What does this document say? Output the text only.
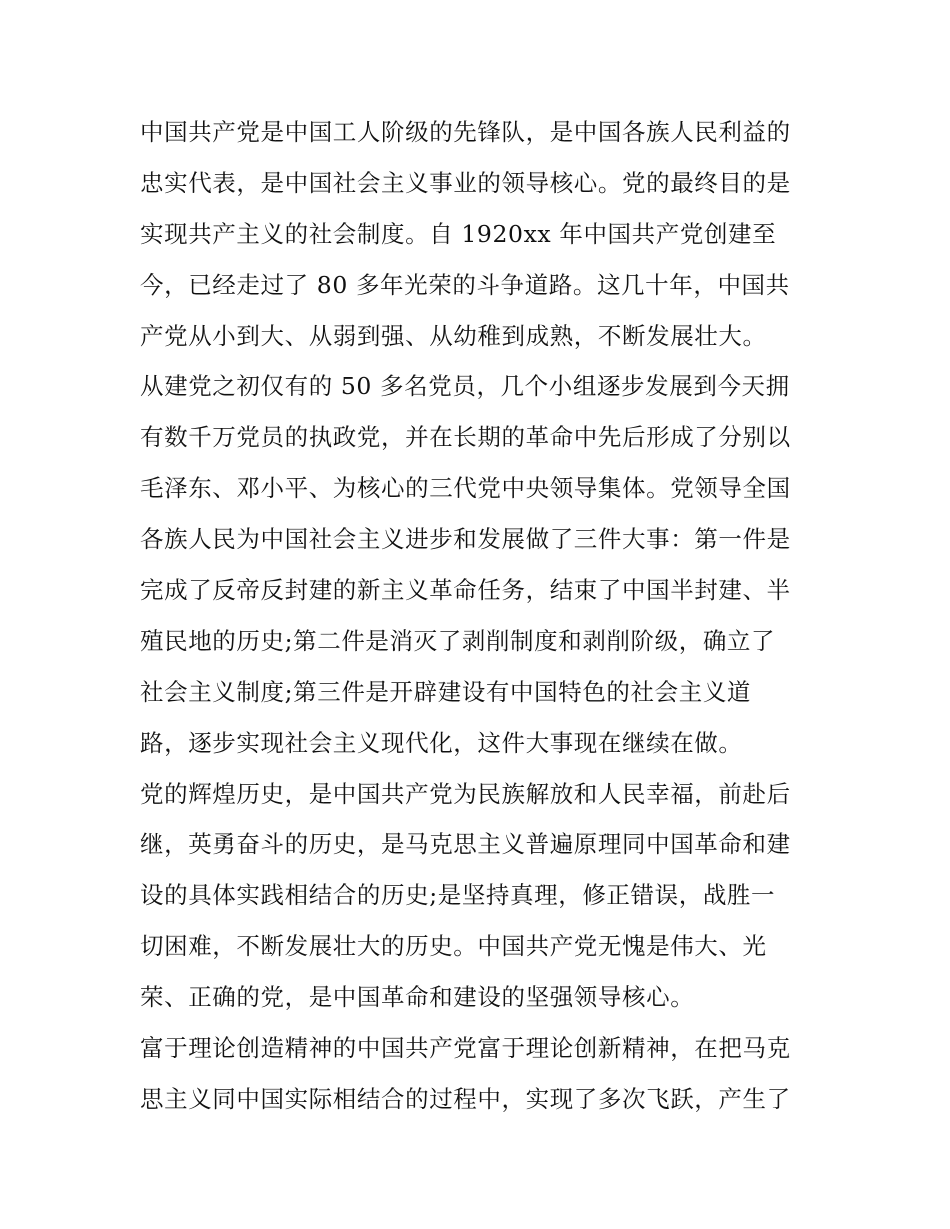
中国共产党是中国工人阶级的先锋队，是中国各族人民利益的
忠实代表，是中国社会主义事业的领导核心。党的最终目的是
实现共产主义的社会制度。自 1920xx 年中国共产党创建至
今，已经走过了 80 多年光荣的斗争道路。这几十年，中国共
产党从小到大、从弱到强、从幼稚到成熟，不断发展壮大。
从建党之初仅有的 50 多名党员，几个小组逐步发展到今天拥
有数千万党员的执政党，并在长期的革命中先后形成了分别以
毛泽东、邓小平、为核心的三代党中央领导集体。党领导全国
各族人民为中国社会主义进步和发展做了三件大事：第一件是
完成了反帝反封建的新主义革命任务，结束了中国半封建、半
殖民地的历史;第二件是消灭了剥削制度和剥削阶级，确立了
社会主义制度;第三件是开辟建设有中国特色的社会主义道
路，逐步实现社会主义现代化，这件大事现在继续在做。
党的辉煌历史，是中国共产党为民族解放和人民幸福，前赴后
继，英勇奋斗的历史，是马克思主义普遍原理同中国革命和建
设的具体实践相结合的历史;是坚持真理，修正错误，战胜一
切困难，不断发展壮大的历史。中国共产党无愧是伟大、光
荣、正确的党，是中国革命和建设的坚强领导核心。
富于理论创造精神的中国共产党富于理论创新精神，在把马克
思主义同中国实际相结合的过程中，实现了多次飞跃，产生了
